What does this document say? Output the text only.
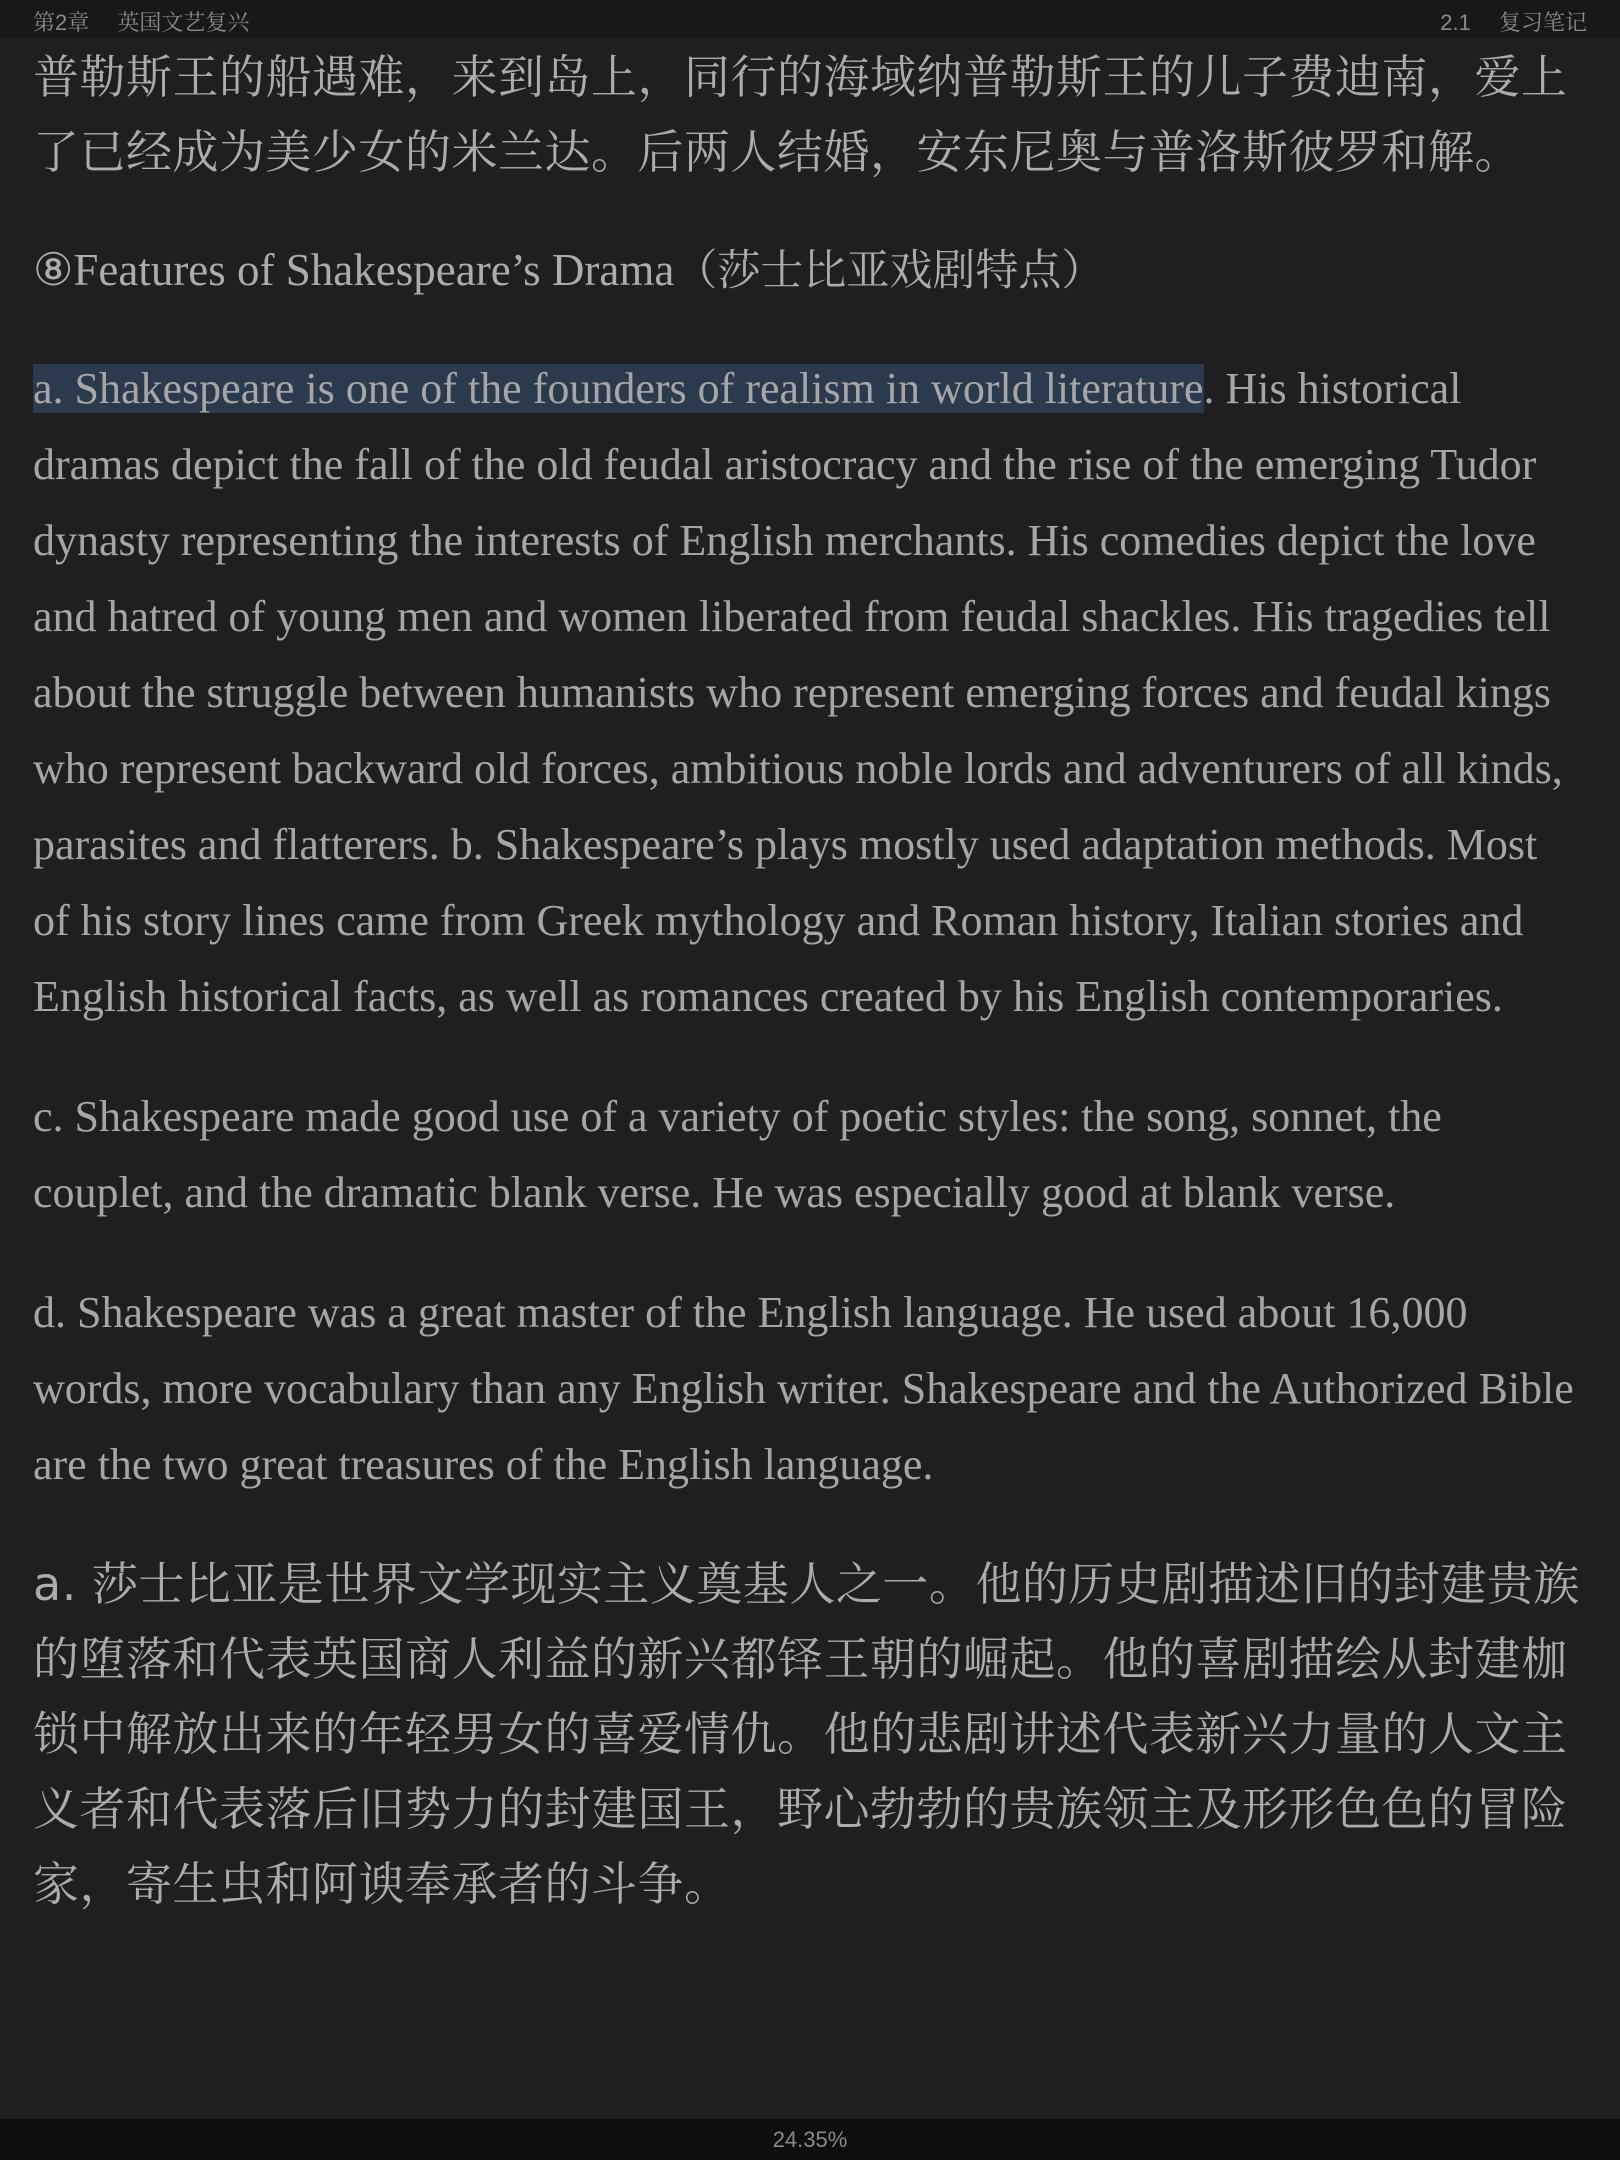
第2章 英国文艺复兴	2.1 复习笔记

普勒斯王的船遇难，来到岛上，同行的海域纳普勒斯王的儿子费迪南，爱上了已经成为美少女的米兰达。后两人结婚，安东尼奥与普洛斯彼罗和解。

⑧Features of Shakespeare’s Drama（莎士比亚戏剧特点）

a. Shakespeare is one of the founders of realism in world literature. His historical dramas depict the fall of the old feudal aristocracy and the rise of the emerging Tudor dynasty representing the interests of English merchants. His comedies depict the love and hatred of young men and women liberated from feudal shackles. His tragedies tell about the struggle between humanists who represent emerging forces and feudal kings who represent backward old forces, ambitious noble lords and adventurers of all kinds, parasites and flatterers. b. Shakespeare’s plays mostly used adaptation methods. Most of his story lines came from Greek mythology and Roman history, Italian stories and English historical facts, as well as romances created by his English contemporaries.

c. Shakespeare made good use of a variety of poetic styles: the song, sonnet, the couplet, and the dramatic blank verse. He was especially good at blank verse.

d. Shakespeare was a great master of the English language. He used about 16,000 words, more vocabulary than any English writer. Shakespeare and the Authorized Bible are the two great treasures of the English language.

a. 莎士比亚是世界文学现实主义奠基人之一。他的历史剧描述旧的封建贵族的堕落和代表英国商人利益的新兴都铎王朝的崛起。他的喜剧描绘从封建枷锁中解放出来的年轻男女的喜爱情仇。他的悲剧讲述代表新兴力量的人文主义者和代表落后旧势力的封建国王，野心勃勃的贵族领主及形形色色的冒险家，寄生虫和阿谀奉承者的斗争。

24.35%
